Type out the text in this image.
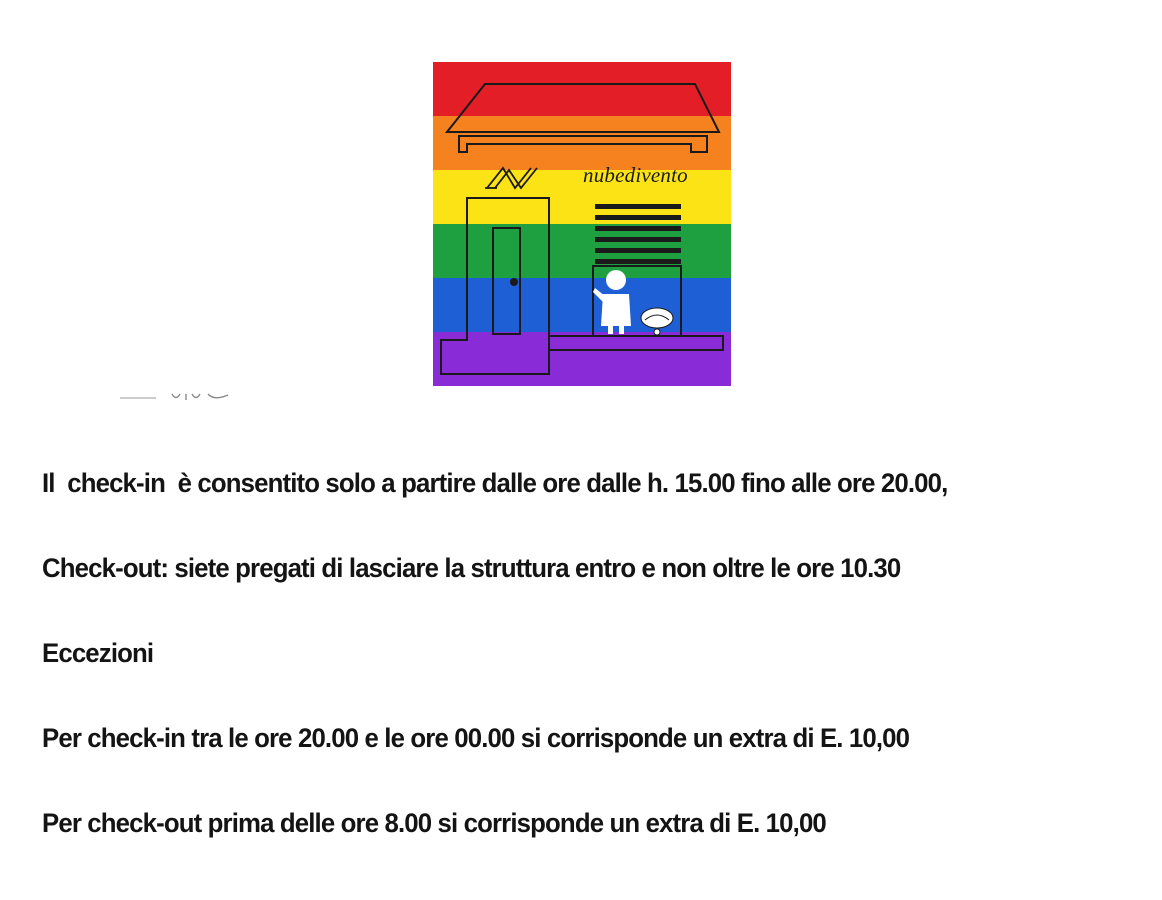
nubedivento

Il  check-in  è consentito solo a partire dalle ore dalle h. 15.00 fino alle ore 20.00,

Check-out: siete pregati di lasciare la struttura entro e non oltre le ore 10.30

Eccezioni

Per check-in tra le ore 20.00 e le ore 00.00 si corrisponde un extra di E. 10,00

Per check-out prima delle ore 8.00 si corrisponde un extra di E. 10,00
